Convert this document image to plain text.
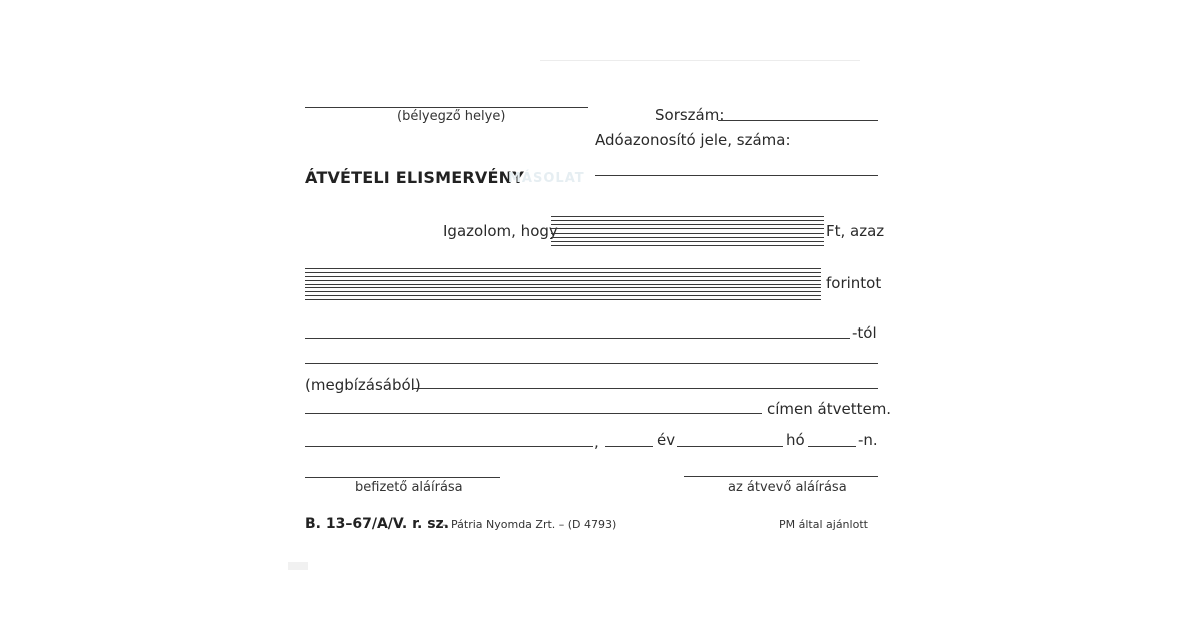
(bélyegző helye)	Sorszám:
Adóazonosító jele, száma:
ÁTVÉTELI ELISMERVÉNY
MÁSOLAT
Igazolom, hogy	Ft, azaz
forintot
-tól
(megbízásából)
címen átvettem.
,	év	hó	-n.
befizető aláírása	az átvevő aláírása
B. 13–67/A/V. r. sz.
– Pátria Nyomda Zrt. – (D 4793)	PM által ajánlott
